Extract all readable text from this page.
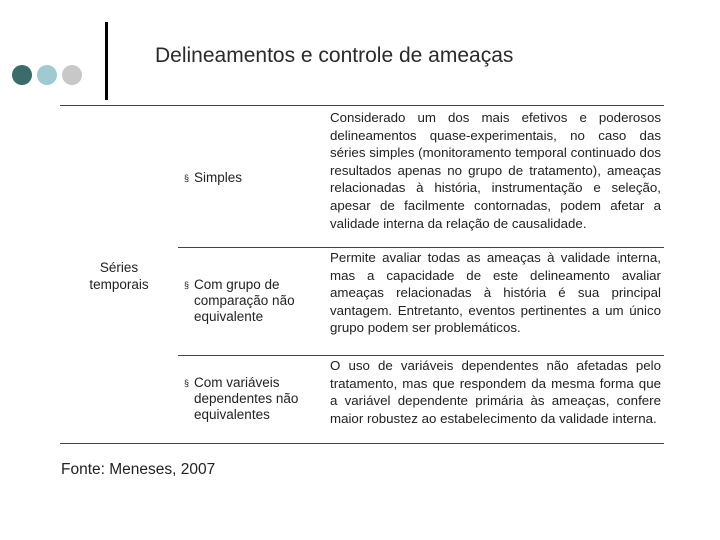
Delineamentos e controle de ameaças
Séries temporais
§ Simples
§ Com grupo de comparação não equivalente
§ Com variáveis dependentes não equivalentes
Considerado um dos mais efetivos e poderosos delineamentos quase-experimentais, no caso das séries simples (monitoramento temporal continuado dos resultados apenas no grupo de tratamento), ameaças relacionadas à história, instrumentação e seleção, apesar de facilmente contornadas, podem afetar a validade interna da relação de causalidade.
Permite avaliar todas as ameaças à validade interna, mas a capacidade de este delineamento avaliar ameaças relacionadas à história é sua principal vantagem. Entretanto, eventos pertinentes a um único grupo podem ser problemáticos.
O uso de variáveis dependentes não afetadas pelo tratamento, mas que respondem da mesma forma que a variável dependente primária às ameaças, confere maior robustez ao estabelecimento da validade interna.
Fonte: Meneses, 2007
